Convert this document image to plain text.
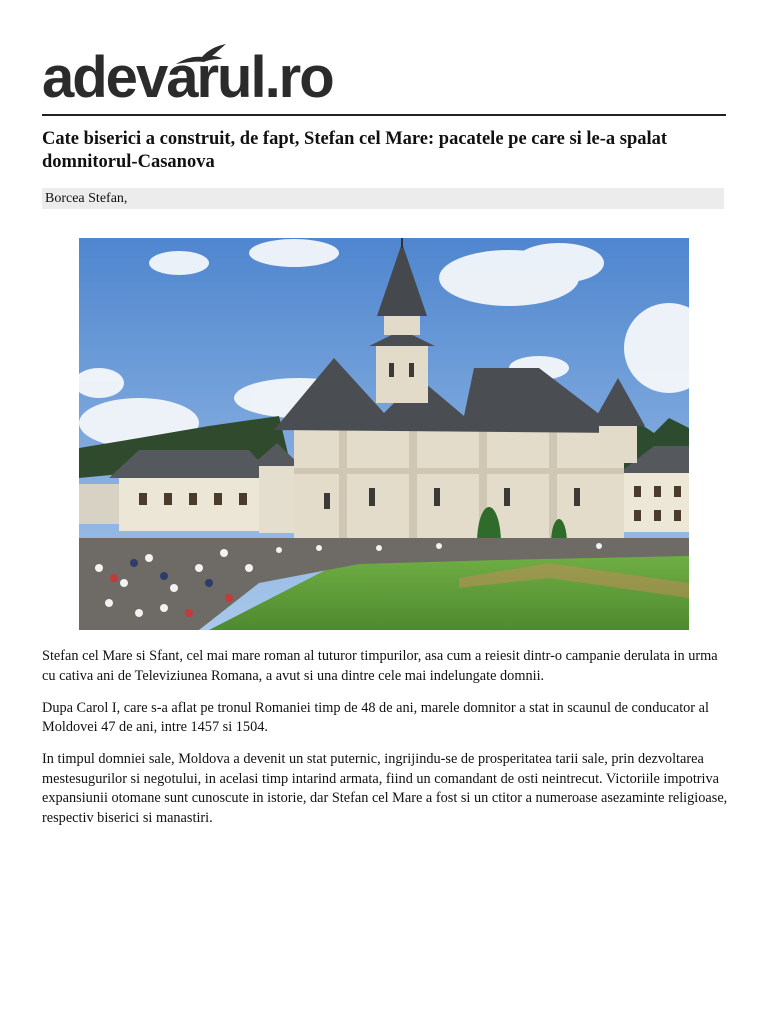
adevarul.ro
Cate biserici a construit, de fapt, Stefan cel Mare: pacatele pe care si le-a spalat domnitorul-Casanova
Borcea Stefan,

Stefan cel Mare si Sfant, cel mai mare roman al tuturor timpurilor, asa cum a reiesit dintr-o campanie derulata in urma cu cativa ani de Televiziunea Romana, a avut si una dintre cele mai indelungate domnii.

Dupa Carol I, care s-a aflat pe tronul Romaniei timp de 48 de ani, marele domnitor a stat in scaunul de conducator al Moldovei 47 de ani, intre 1457 si 1504.

In timpul domniei sale, Moldova a devenit un stat puternic, ingrijindu-se de prosperitatea tarii sale, prin dezvoltarea mestesugurilor si negotului, in acelasi timp intarind armata, fiind un comandant de osti neintrecut. Victoriile impotriva expansiunii otomane sunt cunoscute in istorie, dar Stefan cel Mare a fost si un ctitor a numeroase asezaminte religioase, respectiv biserici si manastiri.
